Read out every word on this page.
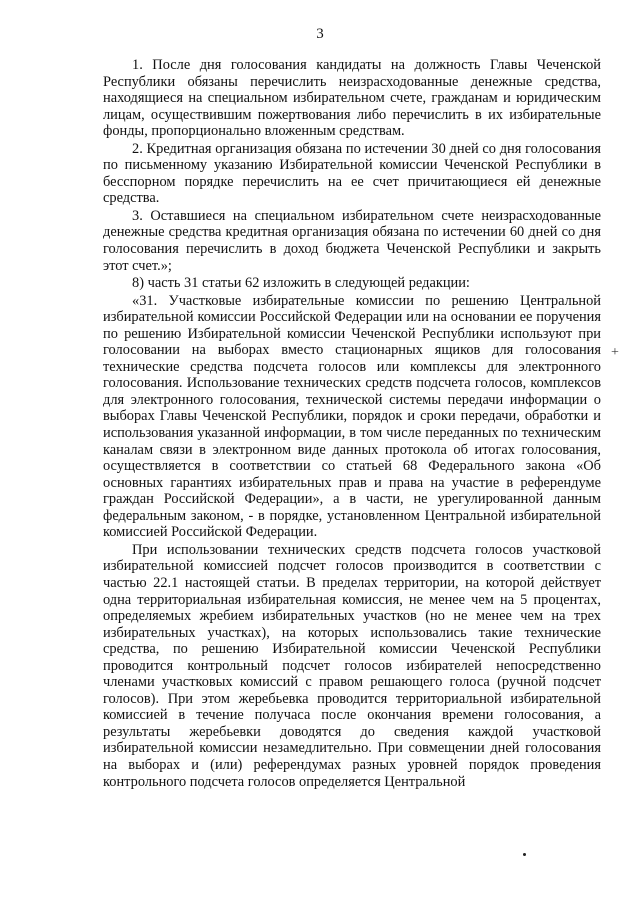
3

1. После дня голосования кандидаты на должность Главы Чеченской Республики обязаны перечислить неизрасходованные денежные средства, находящиеся на специальном избирательном счете, гражданам и юридическим лицам, осуществившим пожертвования либо перечислить в их избирательные фонды, пропорционально вложенным средствам.

2. Кредитная организация обязана по истечении 30 дней со дня голосования по письменному указанию Избирательной комиссии Чеченской Республики в бесспорном порядке перечислить на ее счет причитающиеся ей денежные средства.

3. Оставшиеся на специальном избирательном счете неизрасходованные денежные средства кредитная организация обязана по истечении 60 дней со дня голосования перечислить в доход бюджета Чеченской Республики и закрыть этот счет.»;

8) часть 31 статьи 62 изложить в следующей редакции:

«31. Участковые избирательные комиссии по решению Центральной избирательной комиссии Российской Федерации или на основании ее поручения по решению Избирательной комиссии Чеченской Республики используют при голосовании на выборах вместо стационарных ящиков для голосования технические средства подсчета голосов или комплексы для электронного голосования. Использование технических средств подсчета голосов, комплексов для электронного голосования, технической системы передачи информации о выборах Главы Чеченской Республики, порядок и сроки передачи, обработки и использования указанной информации, в том числе переданных по техническим каналам связи в электронном виде данных протокола об итогах голосования, осуществляется в соответствии со статьей 68 Федерального закона «Об основных гарантиях избирательных прав и права на участие в референдуме граждан Российской Федерации», а в части, не урегулированной данным федеральным законом, - в порядке, установленном Центральной избирательной комиссией Российской Федерации.

При использовании технических средств подсчета голосов участковой избирательной комиссией подсчет голосов производится в соответствии с частью 22.1 настоящей статьи. В пределах территории, на которой действует одна территориальная избирательная комиссия, не менее чем на 5 процентах, определяемых жребием избирательных участков (но не менее чем на трех избирательных участках), на которых использовались такие технические средства, по решению Избирательной комиссии Чеченской Республики проводится контрольный подсчет голосов избирателей непосредственно членами участковых комиссий с правом решающего голоса (ручной подсчет голосов). При этом жеребьевка проводится территориальной избирательной комиссией в течение получаса после окончания времени голосования, а результаты жеребьевки доводятся до сведения каждой участковой избирательной комиссии незамедлительно. При совмещении дней голосования на выборах и (или) референдумах разных уровней порядок проведения контрольного подсчета голосов определяется Центральной

+
